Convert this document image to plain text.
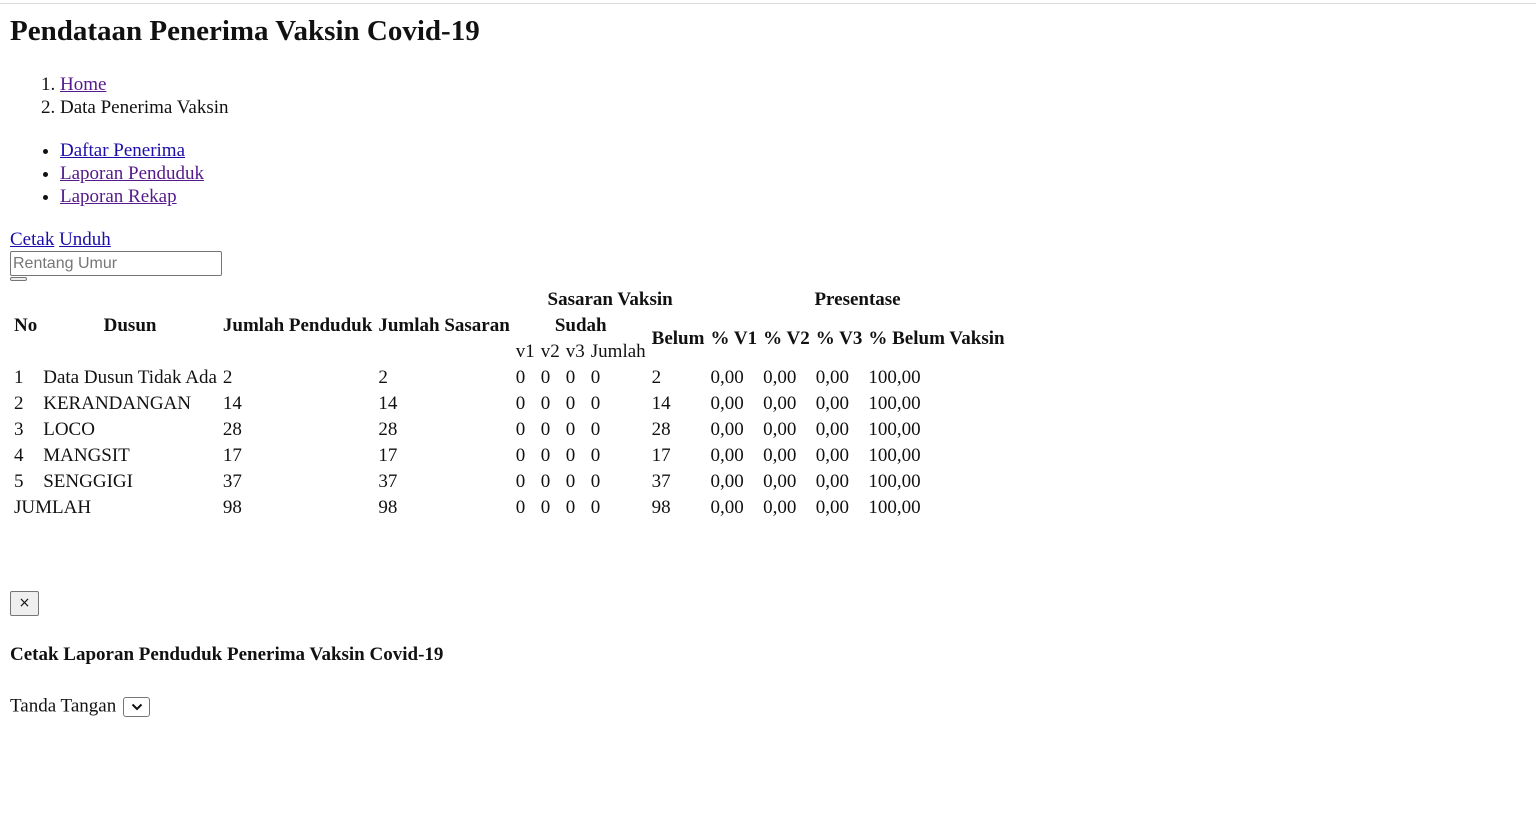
Pendataan Penerima Vaksin Covid-19
1. Home
2. Data Penerima Vaksin
• Daftar Penerima
• Laporan Penduduk
• Laporan Rekap
Cetak Unduh
Rentang Umur
No	Dusun	Jumlah Penduduk	Jumlah Sasaran	Sasaran Vaksin					Presentase			
				Sudah				Belum	% V1	% V2	% V3	% Belum Vaksin
				v1	v2	v3	Jumlah					
1	Data Dusun Tidak Ada	2	2	0	0	0	0	2	0,00	0,00	0,00	100,00
2	KERANDANGAN	14	14	0	0	0	0	14	0,00	0,00	0,00	100,00
3	LOCO	28	28	0	0	0	0	28	0,00	0,00	0,00	100,00
4	MANGSIT	17	17	0	0	0	0	17	0,00	0,00	0,00	100,00
5	SENGGIGI	37	37	0	0	0	0	37	0,00	0,00	0,00	100,00
JUMLAH		98	98	0	0	0	0	98	0,00	0,00	0,00	100,00
×
Cetak Laporan Penduduk Penerima Vaksin Covid-19
Tanda Tangan
